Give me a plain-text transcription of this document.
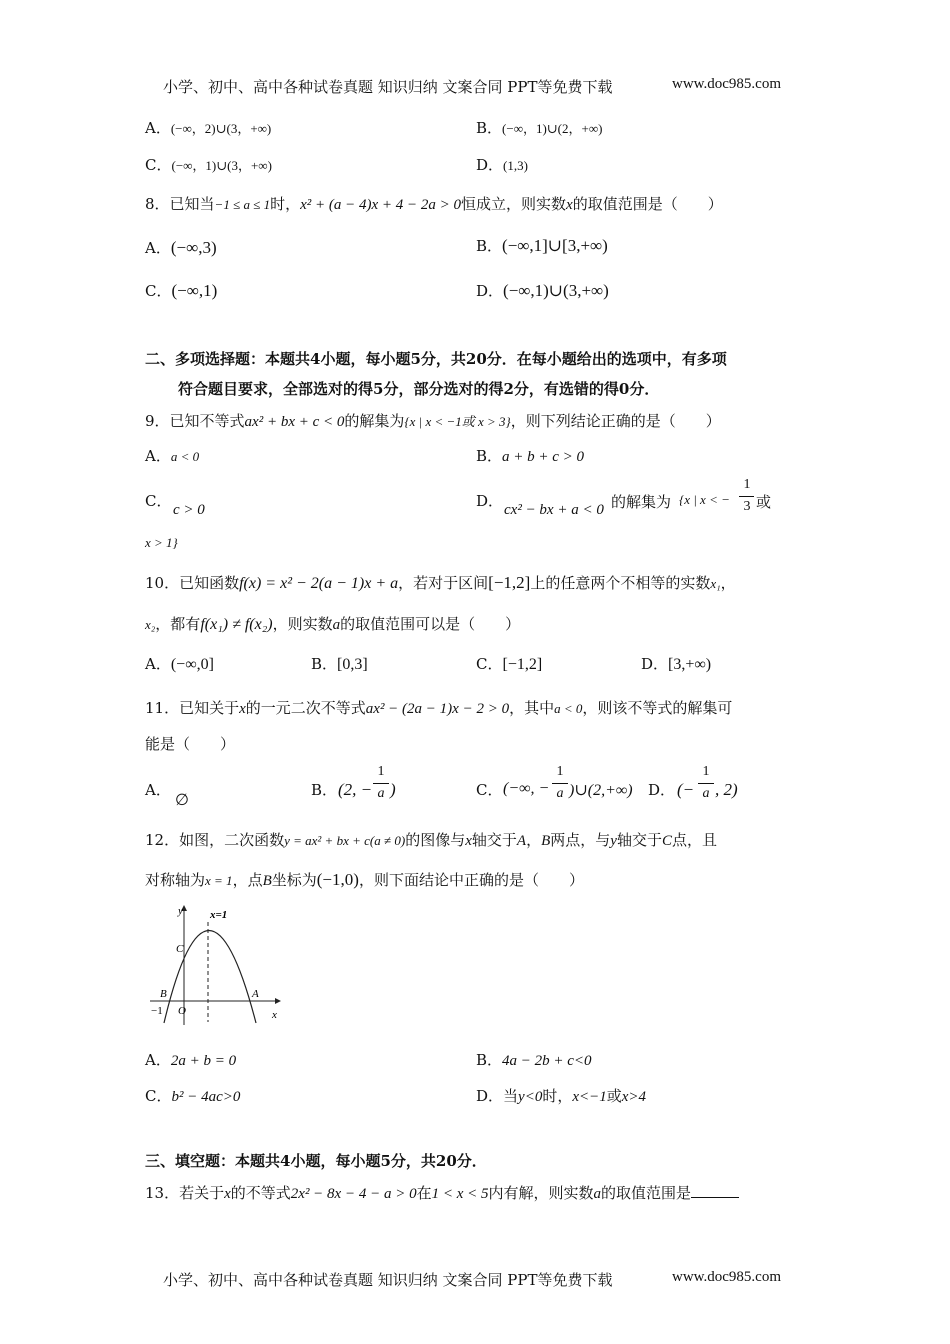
小学、初中、高中各种试卷真题 知识归纳 文案合同 PPT等免费下载	www.doc985.com
A．(−∞，2)∪(3，+∞)	B．(−∞，1)∪(2，+∞)
C．(−∞，1)∪(3，+∞)	D．(1,3)
8．已知当−1 ≤ a ≤ 1时，x² + (a − 4)x + 4 − 2a > 0恒成立，则实数x的取值范围是（　　）
A．(−∞,3)	B．(−∞,1]∪[3,+∞)
C．(−∞,1)	D．(−∞,1)∪(3,+∞)
二、多项选择题：本题共4小题，每小题5分，共20分．在每小题给出的选项中，有多项
符合题目要求，全部选对的得5分，部分选对的得2分，有选错的得0分．
9．已知不等式ax² + bx + c < 0的解集为{x | x < −1或 x > 3}，则下列结论正确的是（　　）
A．a < 0	B．a + b + c > 0
C． c > 0	D． cx² − bx + a < 0 的解集为 {x | x < −
1
3 或
x > 1}
10．已知函数f(x) = x² − 2(a − 1)x + a，若对于区间[−1,2]上的任意两个不相等的实数x₁，
x₂，都有f(x₁) ≠ f(x₂)，则实数a的取值范围可以是（　　）
A．(−∞,0]	B．[0,3]	C．[−1,2]	D．[3,+∞)
11．已知关于x的一元二次不等式ax² − (2a − 1)x − 2 > 0，其中a < 0，则该不等式的解集可
能是（　　）
A．
∅
B． (2, −
1
a )	C． (−∞, −
1
a )∪(2,+∞) D． (−
1
a , 2)
12．如图，二次函数y = ax² + bx + c(a ≠ 0)的图像与x轴交于A，B两点，与y轴交于C点，且
对称轴为x = 1，点B坐标为(−1,0)，则下面结论中正确的是（　　）
y x=1
C
B	A
−1 O	x
A．2a + b = 0	B．4a − 2b + c<0
C．b² − 4ac>0	D．当y<0时，x<−1或x>4
三、填空题：本题共4小题，每小题5分，共20分．
13．若关于x的不等式2x² − 8x − 4 − a > 0在1 < x < 5内有解，则实数a的取值范围是
小学、初中、高中各种试卷真题 知识归纳 文案合同 PPT等免费下载	www.doc985.com
